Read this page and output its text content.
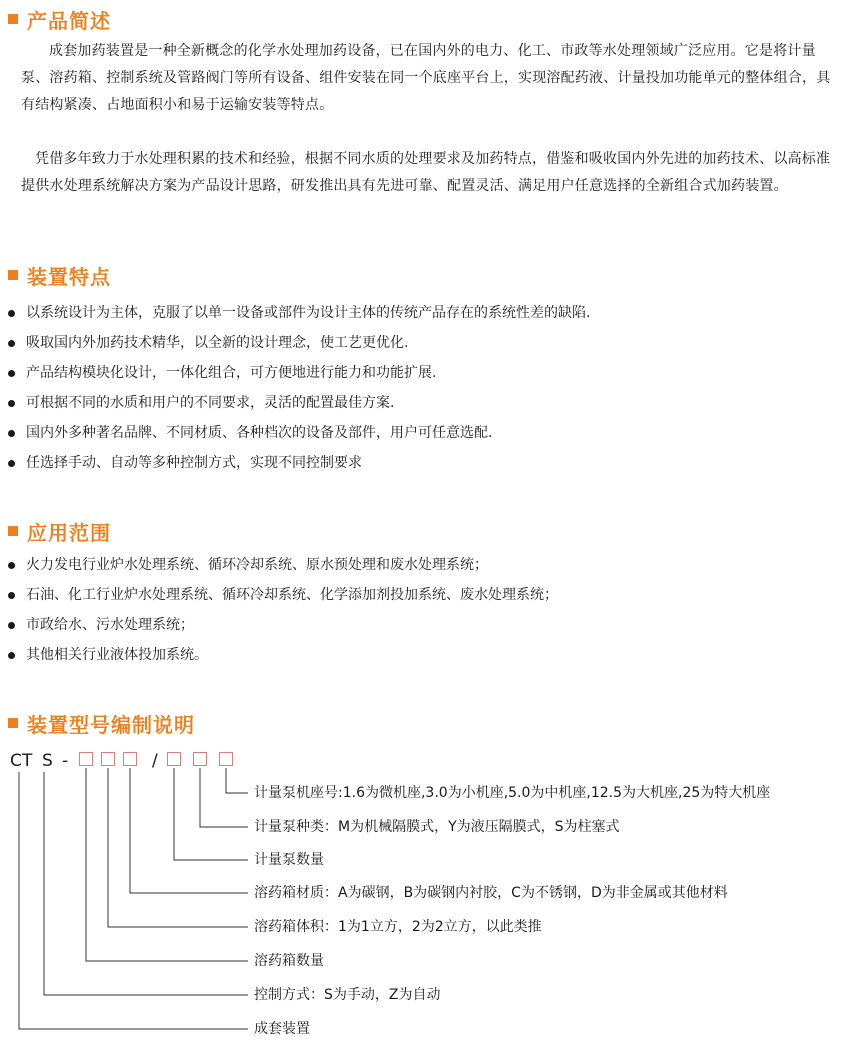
产品简述

成套加药装置是一种全新概念的化学水处理加药设备，已在国内外的电力、化工、市政等水处理领域广泛应用。它是将计量泵、溶药箱、控制系统及管路阀门等所有设备、组件安装在同一个底座平台上，实现溶配药液、计量投加功能单元的整体组合，具有结构紧凑、占地面积小和易于运输安装等特点。

凭借多年致力于水处理积累的技术和经验，根据不同水质的处理要求及加药特点，借鉴和吸收国内外先进的加药技术、以高标准提供水处理系统解决方案为产品设计思路，研发推出具有先进可靠、配置灵活、满足用户任意选择的全新组合式加药装置。

装置特点
以系统设计为主体，克服了以单一设备或部件为设计主体的传统产品存在的系统性差的缺陷.
吸取国内外加药技术精华，以全新的设计理念，使工艺更优化.
产品结构模块化设计，一体化组合，可方便地进行能力和功能扩展.
可根据不同的水质和用户的不同要求，灵活的配置最佳方案.
国内外多种著名品牌、不同材质、各种档次的设备及部件，用户可任意选配.
任选择手动、自动等多种控制方式，实现不同控制要求
应用范围
火力发电行业炉水处理系统、循环冷却系统、原水预处理和废水处理系统；
石油、化工行业炉水处理系统、循环冷却系统、化学添加剂投加系统、废水处理系统；
市政给水、污水处理系统；
其他相关行业液体投加系统。
装置型号编制说明
C T S -	/
计量泵机座号:1.6为微机座,3.0为小机座,5.0为中机座,12.5为大机座,25为特大机座
计量泵种类：M为机械隔膜式，Y为液压隔膜式，S为柱塞式
计量泵数量
溶药箱材质：A为碳钢，B为碳钢内衬胶，C为不锈钢，D为非金属或其他材料
溶药箱体积：1为1立方，2为2立方，以此类推
溶药箱数量
控制方式：S为手动，Z为自动
成套装置
